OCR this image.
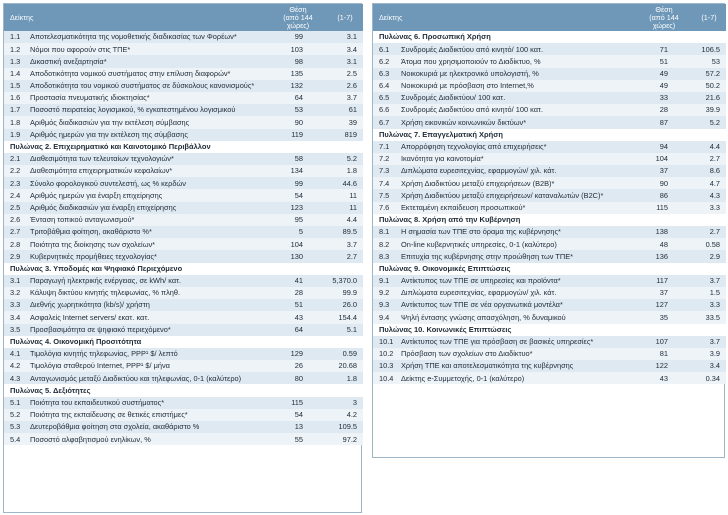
Δείκτης		Θέση
(από 144
χώρες)	(1-7)
1.1	Αποτελεσματικότητα της νομοθετικής διαδικασίας των Φορέων*	99	3.1
1.2	Νόμοι που αφορούν στις ΤΠΕ*	103	3.4
1.3	Δικαστική ανεξαρτησία*	98	3.1
1.4	Αποδοτικότητα νομικού συστήματος στην επίλυση διαφορών*	135	2.5
1.5	Αποδοτικότητα του νομικού συστήματος σε δύσκολους κανονισμούς*	132	2.6
1.6	Προστασία πνευματικής ιδιοκτησίας*	64	3.7
1.7	Ποσοστό πειρατείας λογισμικού, % εγκατεστημένου λογισμικού	53	61
1.8	Αριθμός διαδικασιών για την εκτέλεση σύμβασης	90	39
1.9	Αριθμός ημερών για την εκτέλεση της σύμβασης	119	819
Πυλώνας 2. Επιχειρηματικό και Καινοτομικό Περιβάλλον			
2.1	Διαθεσιμότητα των τελευταίων τεχνολογιών*	58	5.2
2.2	Διαθεσιμότητα επιχειρηματικών κεφαλαίων*	134	1.8
2.3	Σύνολο φορολογικού συντελεστή, ως % κερδών	99	44.6
2.4	Αριθμός ημερών για έναρξη επιχείρησης	54	11
2.5	Αριθμός διαδικασιών για έναρξη επιχείρησης	123	11
2.6	Ένταση τοπικού ανταγωνισμού*	95	4.4
2.7	Τριτοβάθμια φοίτηση, ακαθάριστο %*	5	89.5
2.8	Ποιότητα της διοίκησης των σχολείων*	104	3.7
2.9	Κυβερνητικές προμήθειες τεχνολογίας*	130	2.7
Πυλώνας 3. Υποδομές και Ψηφιακό Περιεχόμενο			
3.1	Παραγωγή ηλεκτρικής ενέργειας, σε kWh/ κατ.	41	5,370.0
3.2	Κάλυψη δικτύου κινητής τηλεφωνίας, % πληθ.	28	99.9
3.3	Διεθνής χωρητικότητα (kb/s)/ χρήστη	51	26.0
3.4	Ασφαλείς Internet servers/ εκατ. κατ.	43	154.4
3.5	Προσβασιμότητα σε ψηφιακό περιεχόμενο*	64	5.1
Πυλώνας 4. Οικονομική Προσιτότητα			
4.1	Τιμολόγια κινητής τηλεφωνίας, PPP¹ $/ λεπτό	129	0.59
4.2	Τιμολόγια σταθερού Internet, PPP¹ $/ μήνα	26	20.68
4.3	Ανταγωνισμός μεταξύ Διαδικτύου και τηλεφωνίας, 0-1 (καλύτερο)	80	1.8
Πυλώνας 5. Δεξιότητες			
5.1	Ποιότητα του εκπαιδευτικού συστήματος*	115	3
5.2	Ποιότητα της εκπαίδευσης σε θετικές επιστήμες*	54	4.2
5.3	Δευτεροβάθμια φοίτηση στα σχολεία, ακαθάριστο %	13	109.5
5.4	Ποσοστό αλφαβητισμού ενηλίκων, %	55	97.2
Δείκτης		Θέση
(από 144
χώρες)	(1-7)
Πυλώνας 6. Προσωπική Χρήση			
6.1	Συνδρομές Διαδικτύου από κινητό/ 100 κατ.	71	106.5
6.2	Άτομα που χρησιμοποιούν το Διαδίκτυο, %	51	53
6.3	Νοικοκυριά με ηλεκτρονικό υπολογιστή, %	49	57.2
6.4	Νοικοκυριά με πρόσβαση στο Internet,%	49	50.2
6.5	Συνδρομές Διαδικτύου/ 100 κατ.	33	21.6
6.6	Συνδρομές Διαδικτύου από κινητό/ 100 κατ.	28	39.9
6.7	Χρήση εικονικών κοινωνικών δικτύων*	87	5.2
Πυλώνας 7. Επαγγελματική Χρήση			
7.1	Απορρόφηση τεχνολογίας από επιχειρήσεις*	94	4.4
7.2	Ικανότητα για καινοτομία*	104	2.7
7.3	Διπλώματα ευρεσιτεχνίας, εφαρμογών/ χιλ. κάτ.	37	8.6
7.4	Χρήση Διαδικτύου μεταξύ επιχειρήσεων (B2B)*	90	4.7
7.5	Χρήση Διαδικτύου μεταξύ επιχειρήσεων/ καταναλωτών (B2C)*	86	4.3
7.6	Εκτεταμένη εκπαίδευση προσωπικού*	115	3.3
Πυλώνας 8. Χρήση από την Κυβέρνηση			
8.1	Η σημασία των ΤΠΕ στο όραμα της κυβέρνησης*	138	2.7
8.2	On-line κυβερνητικές υπηρεσίες, 0-1 (καλύτερο)	48	0.58
8.3	Επιτυχία της κυβέρνησης στην προώθηση των ΤΠΕ*	136	2.9
Πυλώνας 9. Οικονομικές Επιπτώσεις			
9.1	Αντίκτυπος των ΤΠΕ σε υπηρεσίες και προϊόντα*	117	3.7
9.2	Διπλώματα ευρεσιτεχνίας, εφαρμογών/ χιλ. κάτ.	37	1.5
9.3	Αντίκτυπος των ΤΠΕ σε νέα οργανωτικά μοντέλα*	127	3.3
9.4	Ψηλή έντασης γνώσης απασχόληση, % δυναμικού	35	33.5
Πυλώνας 10. Κοινωνικές Επιπτώσεις			
10.1	Αντίκτυπος των ΤΠΕ για πρόσβαση σε βασικές υπηρεσίες*	107	3.7
10.2	Πρόσβαση των σχολείων στο Διαδίκτυο*	81	3.9
10.3	Χρήση ΤΠΕ και αποτελεσματικότητα της κυβέρνησης	122	3.4
10.4	Δείκτης e-Συμμετοχής, 0-1 (καλύτερο)	43	0.34
